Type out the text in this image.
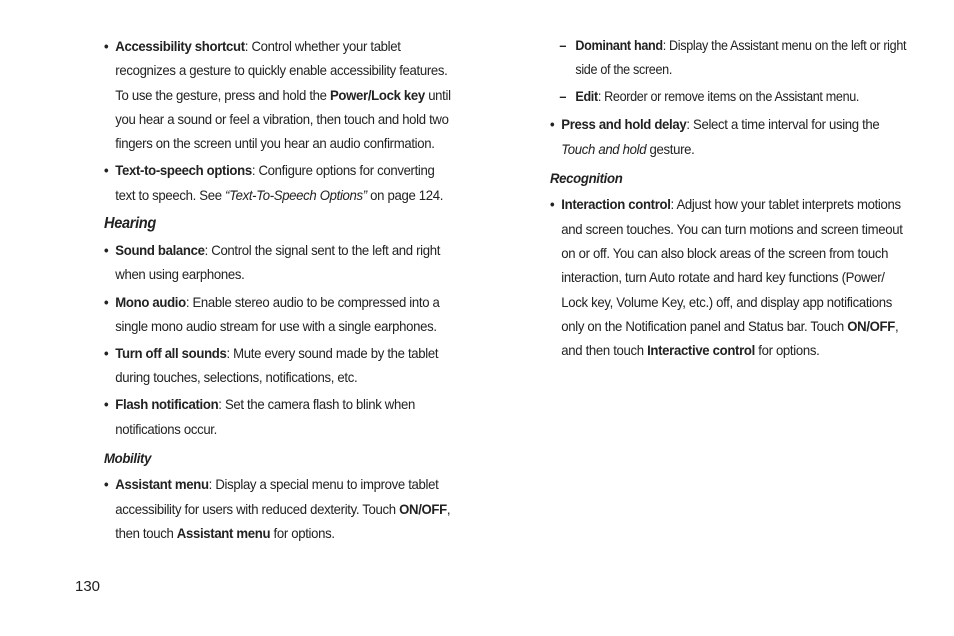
• Accessibility shortcut: Control whether your tablet recognizes a gesture to quickly enable accessibility features. To use the gesture, press and hold the Power/Lock key until you hear a sound or feel a vibration, then touch and hold two fingers on the screen until you hear an audio confirmation.
• Text-to-speech options: Configure options for converting text to speech. See “Text-To-Speech Options” on page 124.
Hearing
• Sound balance: Control the signal sent to the left and right when using earphones.
• Mono audio: Enable stereo audio to be compressed into a single mono audio stream for use with a single earphones.
• Turn off all sounds: Mute every sound made by the tablet during touches, selections, notifications, etc.
• Flash notification: Set the camera flash to blink when notifications occur.
Mobility
• Assistant menu: Display a special menu to improve tablet accessibility for users with reduced dexterity. Touch ON/OFF, then touch Assistant menu for options.
– Dominant hand: Display the Assistant menu on the left or right side of the screen.
– Edit: Reorder or remove items on the Assistant menu.
• Press and hold delay: Select a time interval for using the Touch and hold gesture.
Recognition
• Interaction control: Adjust how your tablet interprets motions and screen touches. You can turn motions and screen timeout on or off. You can also block areas of the screen from touch interaction, turn Auto rotate and hard key functions (Power/ Lock key, Volume Key, etc.) off, and display app notifications only on the Notification panel and Status bar. Touch ON/OFF, and then touch Interactive control for options.
130
